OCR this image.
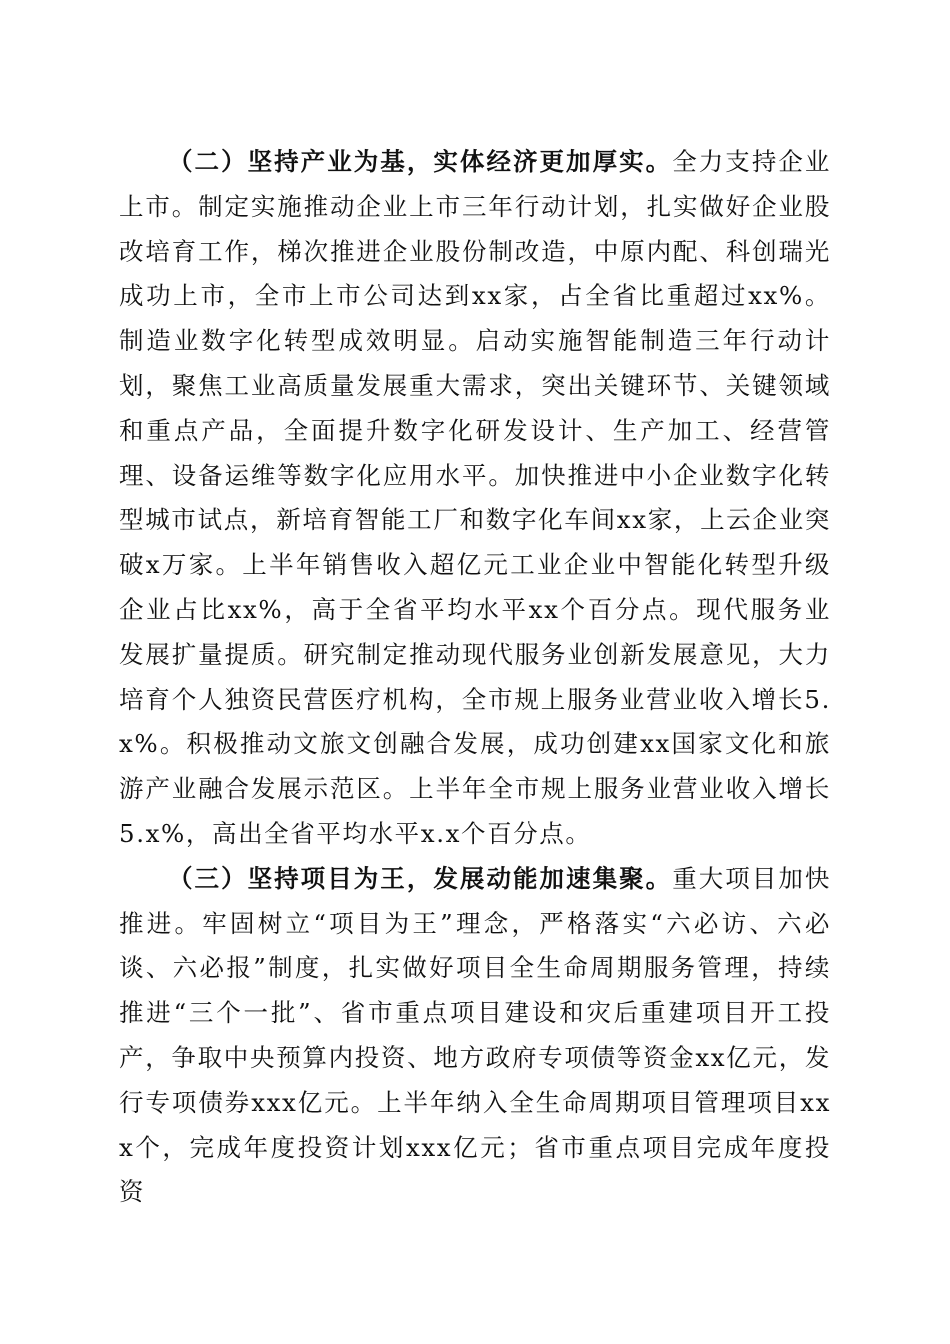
（二）坚持产业为基，实体经济更加厚实。全力支持企业上市。制定实施推动企业上市三年行动计划，扎实做好企业股改培育工作，梯次推进企业股份制改造，中原内配、科创瑞光成功上市，全市上市公司达到xx家，占全省比重超过xx%。制造业数字化转型成效明显。启动实施智能制造三年行动计划，聚焦工业高质量发展重大需求，突出关键环节、关键领域和重点产品，全面提升数字化研发设计、生产加工、经营管理、设备运维等数字化应用水平。加快推进中小企业数字化转型城市试点，新培育智能工厂和数字化车间xx家，上云企业突破x万家。上半年销售收入超亿元工业企业中智能化转型升级企业占比xx%，高于全省平均水平xx个百分点。现代服务业发展扩量提质。研究制定推动现代服务业创新发展意见，大力培育个人独资民营医疗机构，全市规上服务业营业收入增长5.x%。积极推动文旅文创融合发展，成功创建xx国家文化和旅游产业融合发展示范区。上半年全市规上服务业营业收入增长5.x%，高出全省平均水平x.x个百分点。

（三）坚持项目为王，发展动能加速集聚。重大项目加快推进。牢固树立“项目为王”理念，严格落实“六必访、六必谈、六必报”制度，扎实做好项目全生命周期服务管理，持续推进“三个一批”、省市重点项目建设和灾后重建项目开工投产，争取中央预算内投资、地方政府专项债等资金xx亿元，发行专项债券xxx亿元。上半年纳入全生命周期项目管理项目xxx个，完成年度投资计划xxx亿元；省市重点项目完成年度投资
